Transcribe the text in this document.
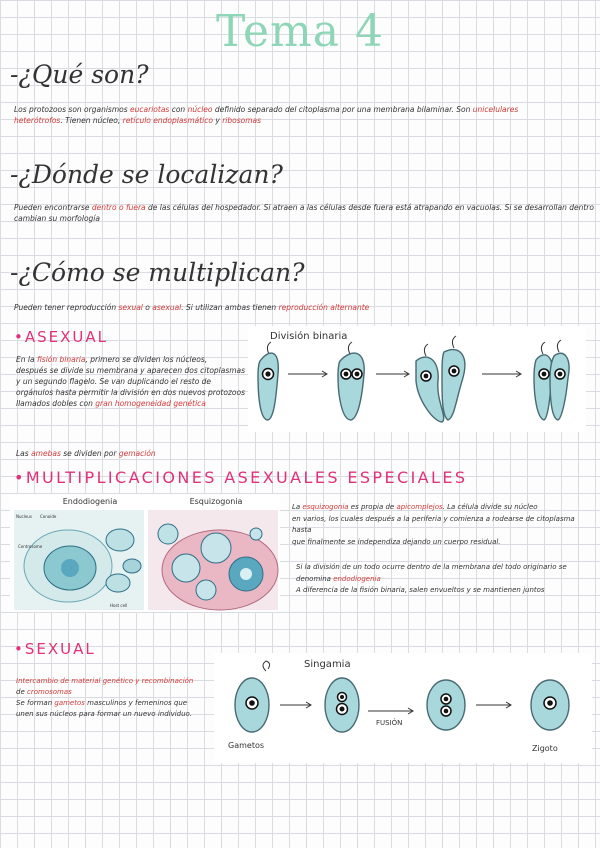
Tema 4
-¿Qué son?
Los protozoos son organismos eucariotas con núcleo definido separado del citoplasma por una membrana bilaminar. Son unicelulares
heterótrofos. Tienen núcleo, retículo endoplasmático y ribosomas
-¿Dónde se localizan?
Pueden encontrarse dentro o fuera de las células del hospedador. Si atraen a las células desde fuera está atrapando en vacuolas. Si se desarrollan dentro
cambian su morfología
-¿Cómo se multiplican?
Pueden tener reproducción sexual o asexual. Si utilizan ambas tienen reproducción alternante
•ASEXUAL
En la fisión binaria, primero se dividen los núcleos,
después se divide su membrana y aparecen dos citoplasmas
y un segundo flagelo. Se van duplicando el resto de
orgánulos hasta permitir la división en dos nuevos protozoos
llamados dobles con gran homogeneidad genética
Las amebas se dividen por gemación
División binaria
•MULTIPLICACIONES ASEXUALES ESPECIALES
Endodiogenia	Esquizogonia
Nucleus Conoide
Centrosome
Host cell
La esquizogonia es propia de apicomplejos. La célula divide su núcleo
en varios, los cuales después a la periferia y comienza a rodearse de citoplasma hasta
que finalmente se independiza dejando un cuerpo residual.
Si la división de un todo ocurre dentro de la membrana del todo originario se
denomina endodiogenia
A diferencia de la fisión binaria, salen envueltos y se mantienen juntos
•SEXUAL
Intercambio de material genético y recombinación
de cromosomas
Se forman gametos masculinos y femeninos que
unen sus núcleos para formar un nuevo individuo.
Singamia
FUSIÓN
Gametos	Zigoto
